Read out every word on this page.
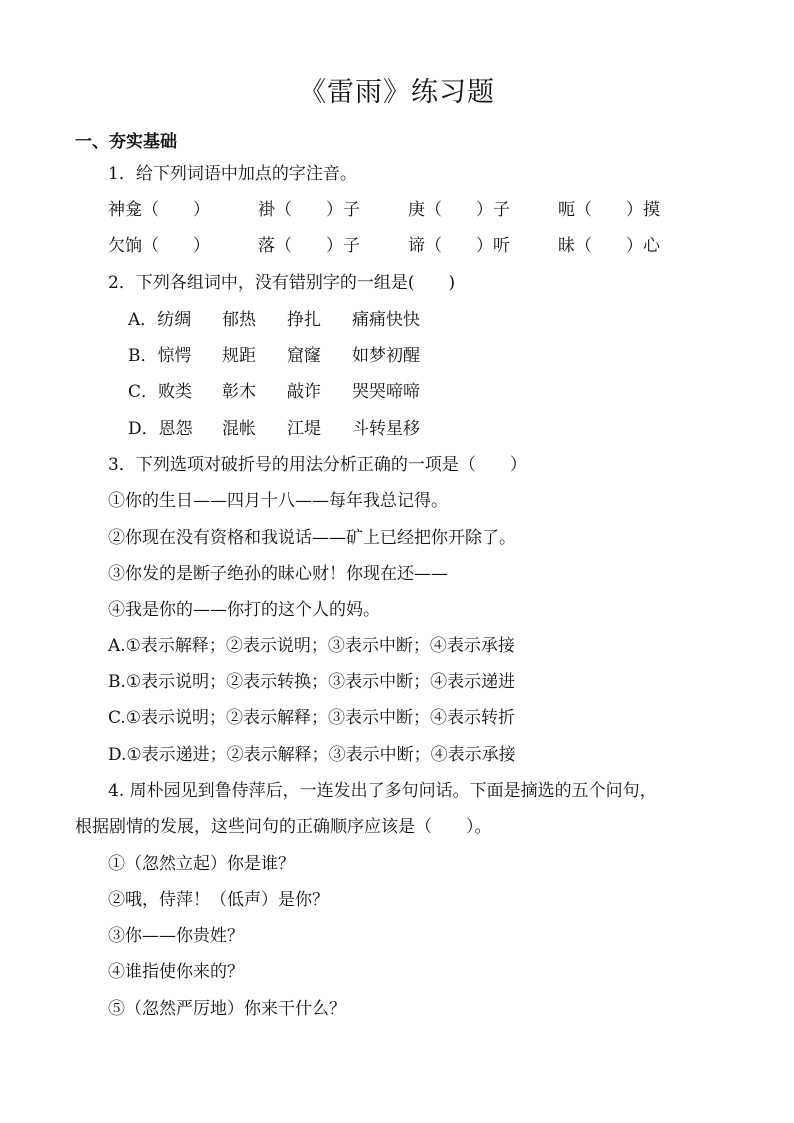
《雷雨》练习题
一、夯实基础
1．给下列词语中加点的字注音。
神龛（　　）	褂（　　）子	庚（　　）子	呃（　　）摸
欠饷（　　）	落（　　）子	谛（　　）听	昧（　　）心
2．下列各组词中，没有错别字的一组是(　　)
A．纺绸 郁热 挣扎 痛痛快快
B．惊愕 规距 窟窿 如梦初醒
C．败类 彰木 敲诈 哭哭啼啼
D．恩怨 混帐 江堤 斗转星移
3．下列选项对破折号的用法分析正确的一项是（　　）
①你的生日——四月十八——每年我总记得。
②你现在没有资格和我说话——矿上已经把你开除了。
③你发的是断子绝孙的昧心财！你现在还——
④我是你的——你打的这个人的妈。
A.①表示解释；②表示说明；③表示中断；④表示承接
B.①表示说明；②表示转换；③表示中断；④表示递进
C.①表示说明；②表示解释；③表示中断；④表示转折
D.①表示递进；②表示解释；③表示中断；④表示承接
4. 周朴园见到鲁侍萍后，一连发出了多句问话。下面是摘选的五个问句，
根据剧情的发展，这些问句的正确顺序应该是（　　）。
①（忽然立起）你是谁？
②哦，侍萍！（低声）是你？
③你——你贵姓？
④谁指使你来的？
⑤（忽然严厉地）你来干什么？
